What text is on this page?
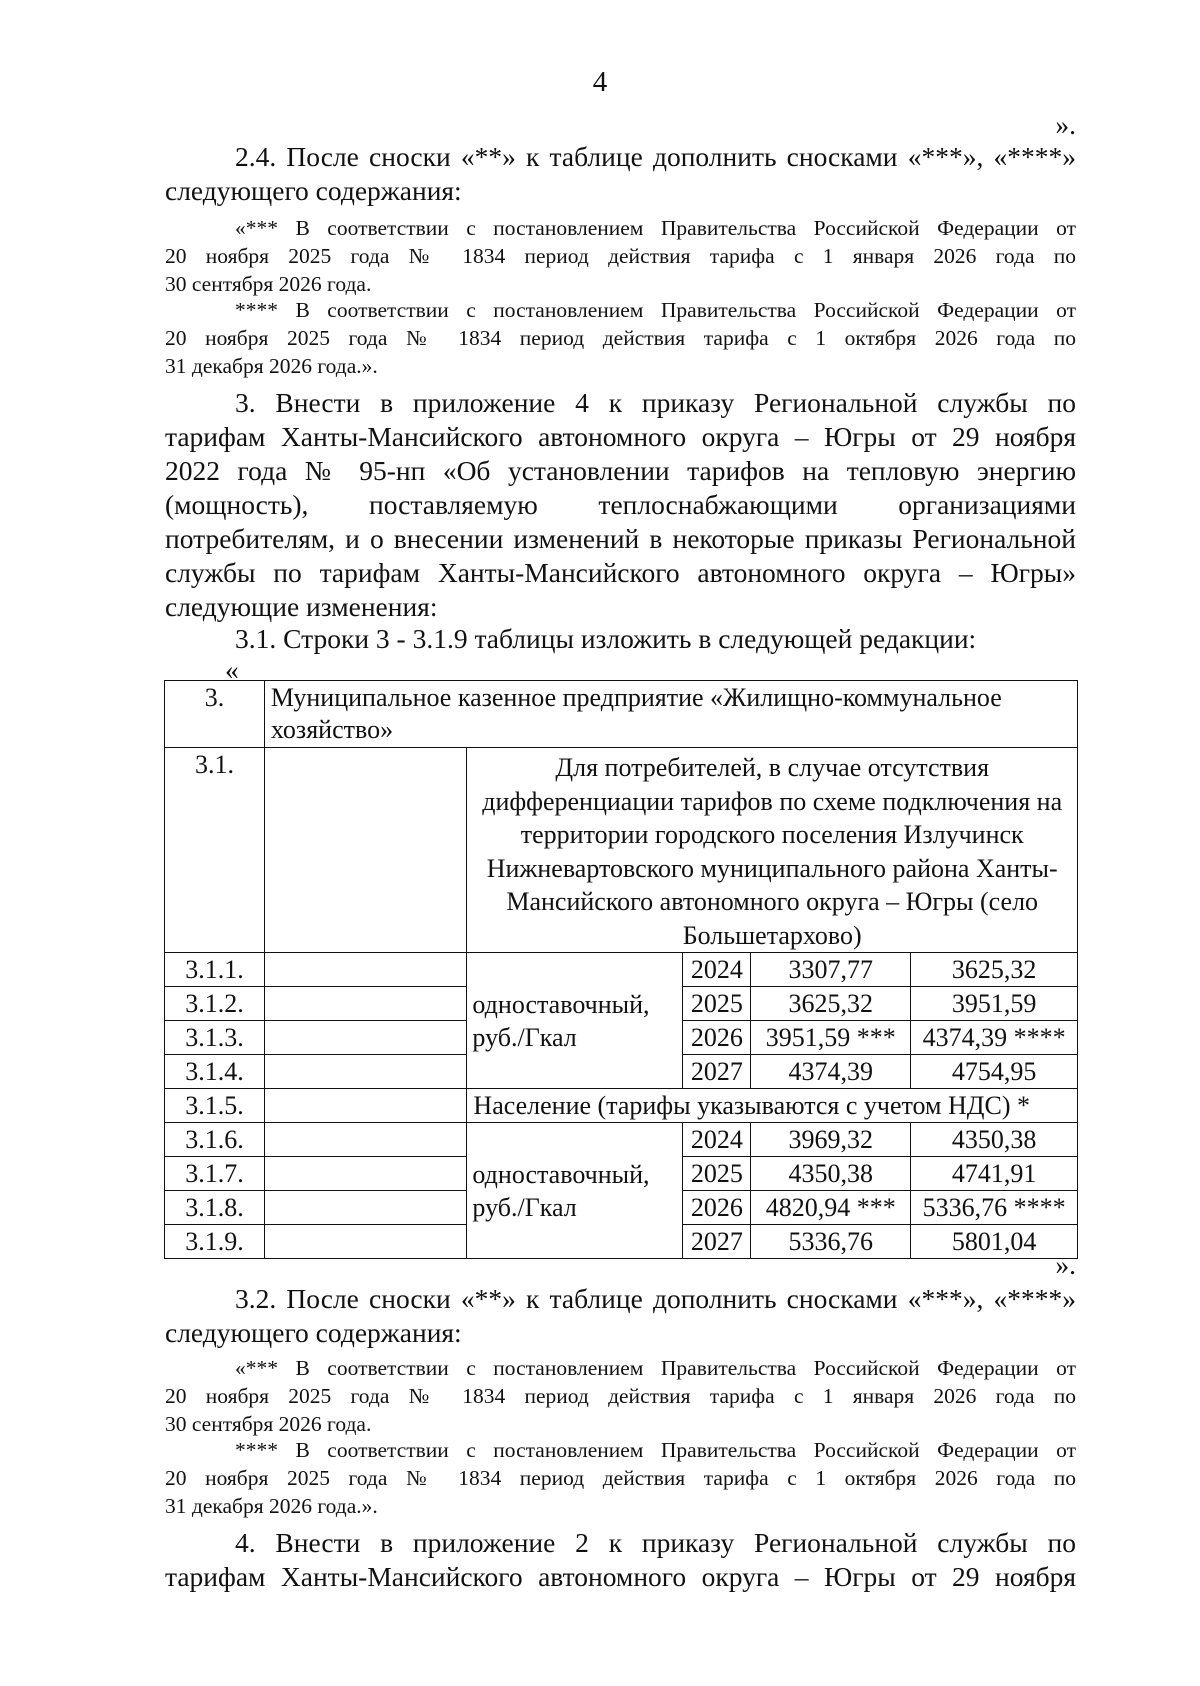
4

».

2.4. После сноски «**» к таблице дополнить сносками «***», «****»
следующего содержания:
«*** В соответствии с постановлением Правительства Российской Федерации от
20 ноября 2025 года № 1834 период действия тарифа с 1 января 2026 года по
30 сентября 2026 года.
**** В соответствии с постановлением Правительства Российской Федерации от
20 ноября 2025 года № 1834 период действия тарифа с 1 октября 2026 года по
31 декабря 2026 года.».
3. Внести в приложение 4 к приказу Региональной службы по
тарифам Ханты-Мансийского автономного округа – Югры от 29 ноября
2022 года № 95-нп «Об установлении тарифов на тепловую энергию
(мощность), поставляемую теплоснабжающими организациями
потребителям, и о внесении изменений в некоторые приказы Региональной
службы по тарифам Ханты-Мансийского автономного округа – Югры»
следующие изменения:

3.1. Строки 3 - 3.1.9 таблицы изложить в следующей редакции:

«

3.	Муниципальное казенное предприятие «Жилищно-коммунальное хозяйство»				
3.1.		Для потребителей, в случае отсутствия дифференциации тарифов по схеме подключения на территории городского поселения Излучинск Нижневартовского муниципального района Ханты-Мансийского автономного округа – Югры (село Большетархово)			
3.1.1.		одноставочный, руб./Гкал	2024	3307,77	3625,32
3.1.2.			2025	3625,32	3951,59
3.1.3.			2026	3951,59 ***	4374,39 ****
3.1.4.			2027	4374,39	4754,95
3.1.5.		Население (тарифы указываются с учетом НДС) *			
3.1.6.		одноставочный, руб./Гкал	2024	3969,32	4350,38
3.1.7.			2025	4350,38	4741,91
3.1.8.			2026	4820,94 ***	5336,76 ****
3.1.9.			2027	5336,76	5801,04

».

3.2. После сноски «**» к таблице дополнить сносками «***», «****»
следующего содержания:
«*** В соответствии с постановлением Правительства Российской Федерации от
20 ноября 2025 года № 1834 период действия тарифа с 1 января 2026 года по
30 сентября 2026 года.
**** В соответствии с постановлением Правительства Российской Федерации от
20 ноября 2025 года № 1834 период действия тарифа с 1 октября 2026 года по
31 декабря 2026 года.».
4. Внести в приложение 2 к приказу Региональной службы по
тарифам Ханты-Мансийского автономного округа – Югры от 29 ноября
